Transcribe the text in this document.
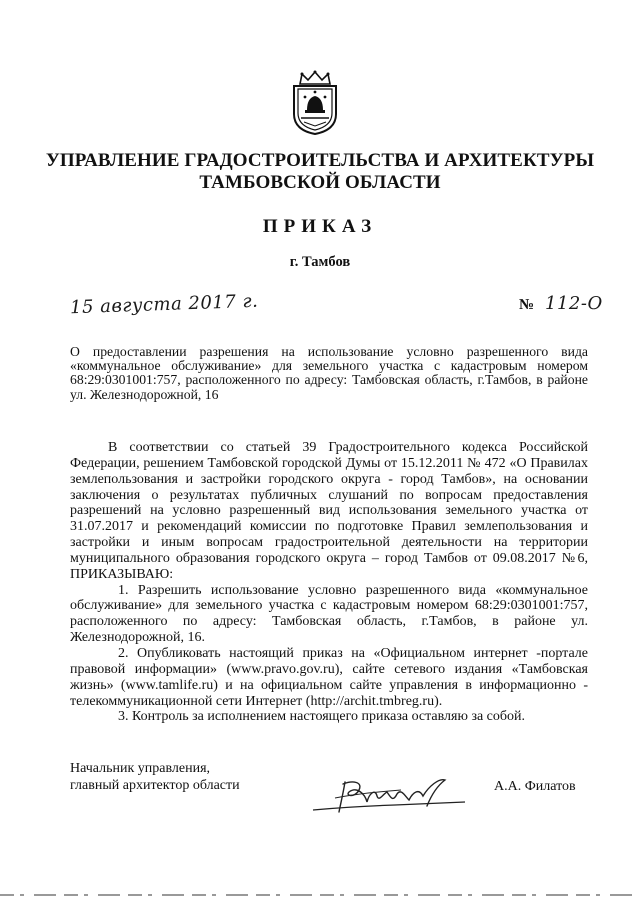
УПРАВЛЕНИЕ ГРАДОСТРОИТЕЛЬСТВА И АРХИТЕКТУРЫ
ТАМБОВСКОЙ ОБЛАСТИ
ПРИКАЗ
г. Тамбов
15 августа 2017 г.	№ 112-О
О предоставлении разрешения на использование условно разрешенного вида «коммунальное обслуживание» для земельного участка с кадастровым номером 68:29:0301001:757, расположенного по адресу: Тамбовская область, г.Тамбов, в районе ул. Железнодорожной, 16

В соответствии со статьей 39 Градостроительного кодекса Российской Федерации, решением Тамбовской городской Думы от 15.12.2011 № 472 «О Правилах землепользования и застройки городского округа - город Тамбов», на основании заключения о результатах публичных слушаний по вопросам предоставления разрешений на условно разрешенный вид использования земельного участка от 31.07.2017 и рекомендаций комиссии по подготовке Правил землепользования и застройки и иным вопросам градостроительной деятельности на территории муниципального образования городского округа – город Тамбов от 09.08.2017 №6, ПРИКАЗЫВАЮ:

1. Разрешить использование условно разрешенного вида «коммунальное обслуживание» для земельного участка с кадастровым номером 68:29:0301001:757, расположенного по адресу: Тамбовская область, г.Тамбов, в районе ул. Железнодорожной, 16.

2. Опубликовать настоящий приказ на «Официальном интернет -портале правовой информации» (www.pravo.gov.ru), сайте сетевого издания «Тамбовская жизнь» (www.tamlife.ru) и на официальном сайте управления в информационно - телекоммуникационной сети Интернет (http://archit.tmbreg.ru).

3. Контроль за исполнением настоящего приказа оставляю за собой.

Начальник управления,
главный архитектор области	А.А. Филатов
